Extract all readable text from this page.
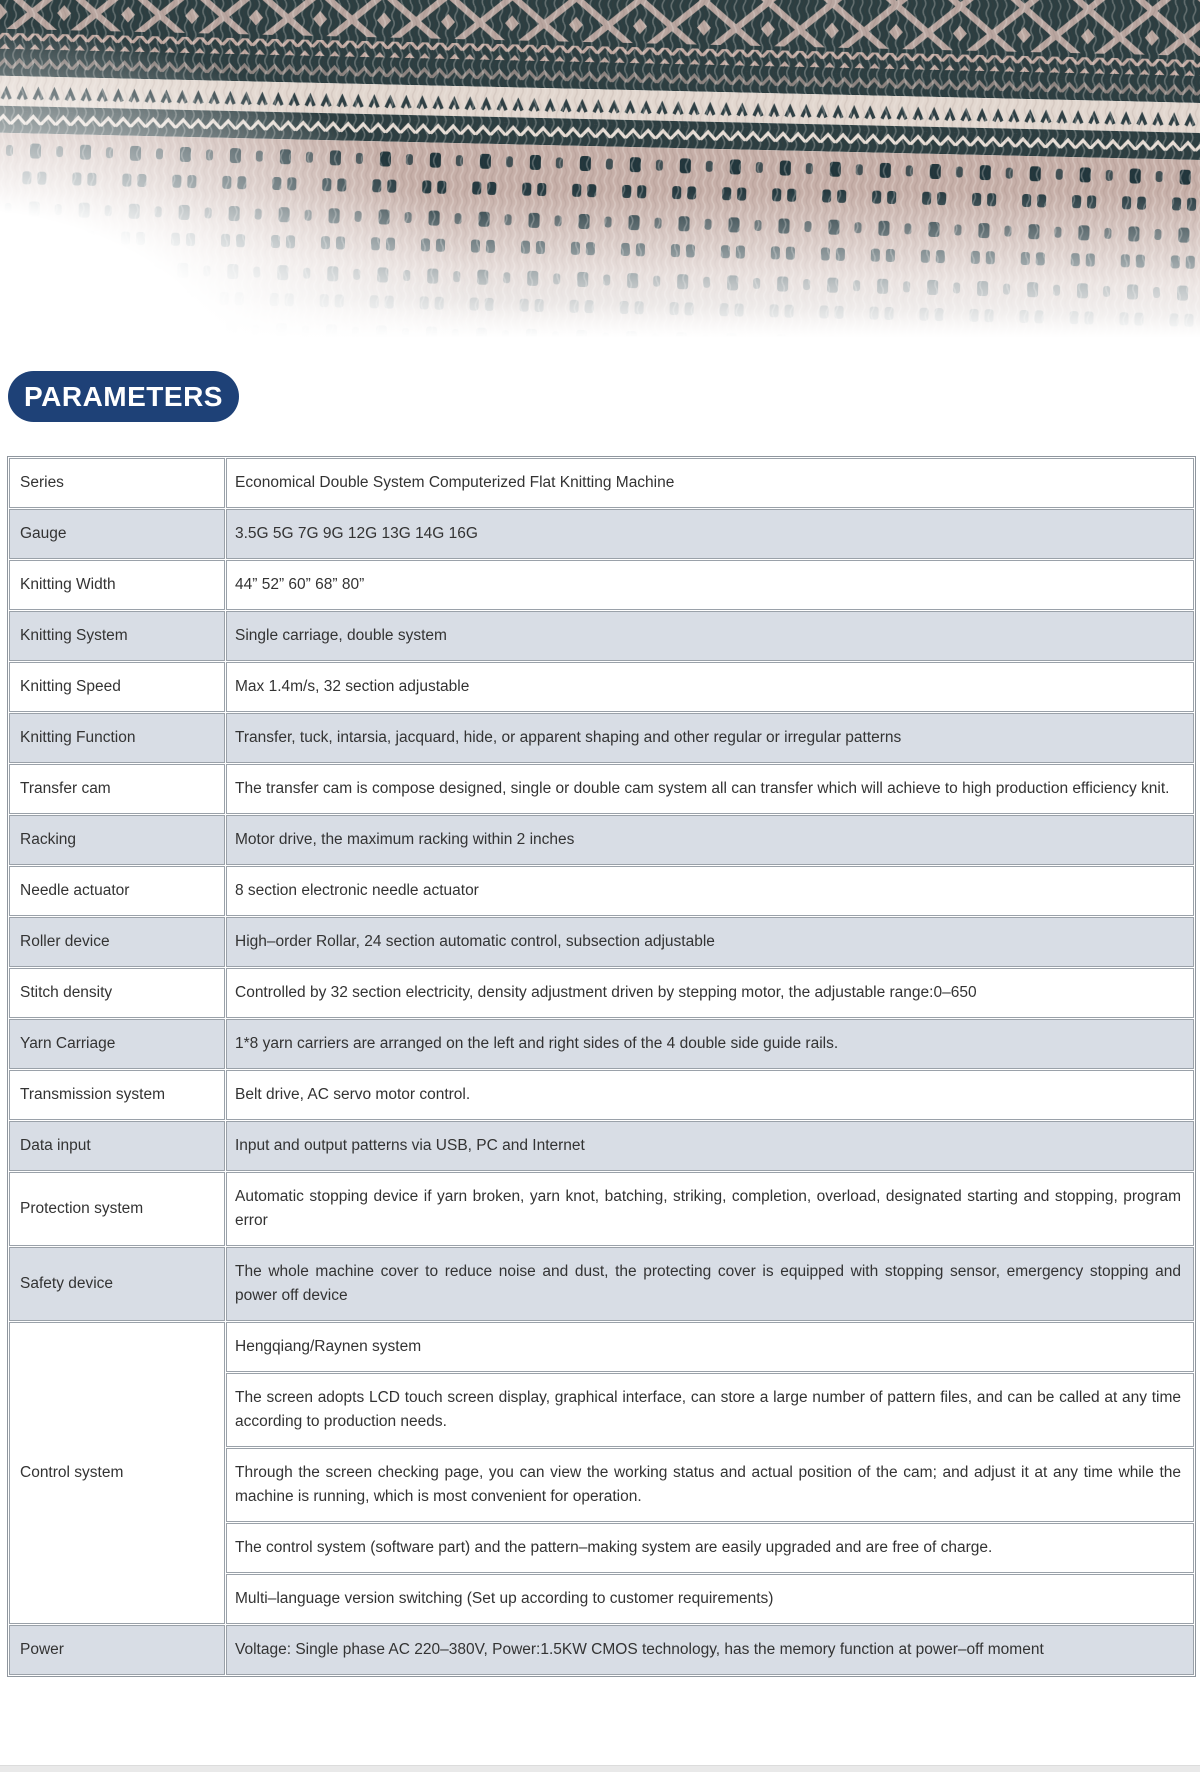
PARAMETERS
Series	Economical Double System Computerized Flat Knitting Machine
Gauge	3.5G 5G 7G 9G 12G 13G 14G 16G
Knitting Width	44” 52” 60” 68” 80”
Knitting System	Single carriage, double system
Knitting Speed	Max 1.4m/s, 32 section adjustable
Knitting Function	Transfer, tuck, intarsia, jacquard, hide, or apparent shaping and other regular or irregular patterns
Transfer cam	The transfer cam is compose designed, single or double cam system all can transfer which will achieve to high production efficiency knit.
Racking	Motor drive, the maximum racking within 2 inches
Needle actuator	8 section electronic needle actuator
Roller device	High–order Rollar, 24 section automatic control, subsection adjustable
Stitch density	Controlled by 32 section electricity, density adjustment driven by stepping motor, the adjustable range:0–650
Yarn Carriage	1*8 yarn carriers are arranged on the left and right sides of the 4 double side guide rails.
Transmission system	Belt drive, AC servo motor control.
Data input	Input and output patterns via USB, PC and Internet
Protection system	Automatic stopping device if yarn broken, yarn knot, batching, striking, completion, overload, designated starting and stopping, program error
Safety device	The whole machine cover to reduce noise and dust, the protecting cover is equipped with stopping sensor, emergency stopping and power off device
Control system	Hengqiang/Raynen system
	The screen adopts LCD touch screen display, graphical interface, can store a large number of pattern files, and can be called at any time according to production needs.
	Through the screen checking page, you can view the working status and actual position of the cam; and adjust it at any time while the machine is running, which is most convenient for operation.
	The control system (software part) and the pattern–making system are easily upgraded and are free of charge.
	Multi–language version switching (Set up according to customer requirements)
Power	Voltage: Single phase AC 220–380V, Power:1.5KW CMOS technology, has the memory function at power–off moment
